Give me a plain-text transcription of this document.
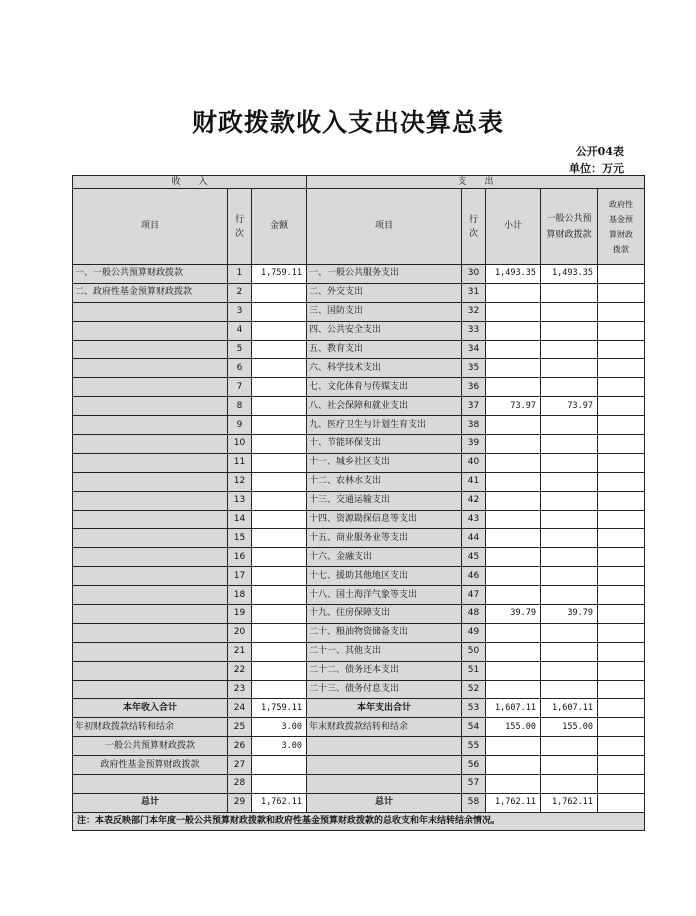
财政拨款收入支出决算总表
公开04表
单位：万元
收　　入			支　　出				
项目	行次	金额	项目	行次	小计	一般公共预算财政拨款	政府性基金预算财政拨款
一、一般公共预算财政拨款	1	1,759.11	一、一般公共服务支出	30	1,493.35	1,493.35	
二、政府性基金预算财政拨款	2		二、外交支出	31			
	3		三、国防支出	32			
	4		四、公共安全支出	33			
	5		五、教育支出	34			
	6		六、科学技术支出	35			
	7		七、文化体育与传媒支出	36			
	8		八、社会保障和就业支出	37	73.97	73.97	
	9		九、医疗卫生与计划生育支出	38			
	10		十、节能环保支出	39			
	11		十一、城乡社区支出	40			
	12		十二、农林水支出	41			
	13		十三、交通运输支出	42			
	14		十四、资源勘探信息等支出	43			
	15		十五、商业服务业等支出	44			
	16		十六、金融支出	45			
	17		十七、援助其他地区支出	46			
	18		十八、国土海洋气象等支出	47			
	19		十九、住房保障支出	48	39.79	39.79	
	20		二十、粮油物资储备支出	49			
	21		二十一、其他支出	50			
	22		二十二、债务还本支出	51			
	23		二十三、债务付息支出	52			
本年收入合计	24	1,759.11	本年支出合计	53	1,607.11	1,607.11	
年初财政拨款结转和结余	25	3.00	年末财政拨款结转和结余	54	155.00	155.00	
一般公共预算财政拨款	26	3.00		55			
政府性基金预算财政拨款	27			56			
	28			57			
总计	29	1,762.11	总计	58	1,762.11	1,762.11	
注：本表反映部门本年度一般公共预算财政拨款和政府性基金预算财政拨款的总收支和年末结转结余情况。							
